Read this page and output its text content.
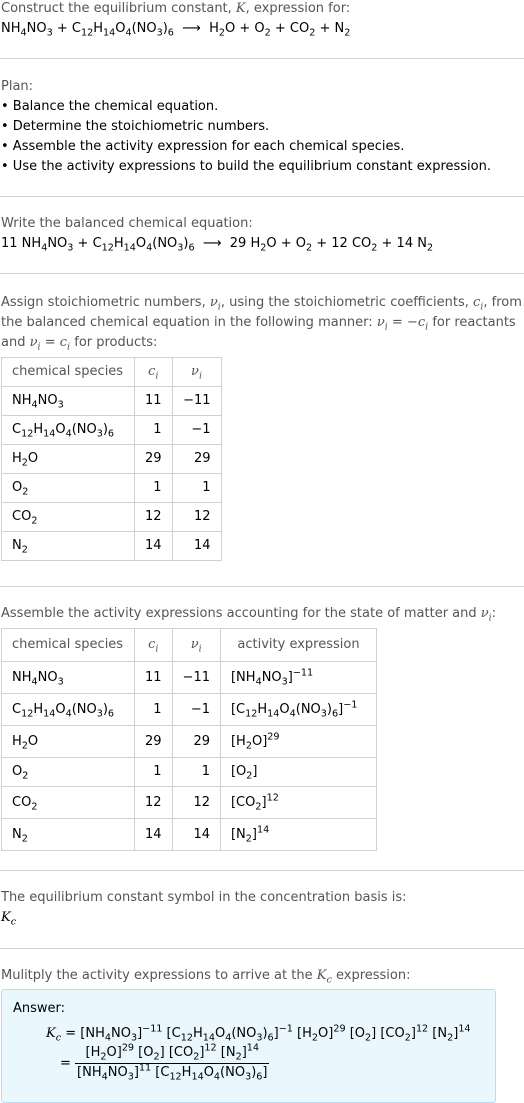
Construct the equilibrium constant, K, expression for:
$NH_4NO_3 + C_{12}H_{14}O_4(NO_3)_6$  ⟶  $H_2O + O_2 + CO_2 + N_2$
Plan:
• Balance the chemical equation.
• Determine the stoichiometric numbers.
• Assemble the activity expression for each chemical species.
• Use the activity expressions to build the equilibrium constant expression.
Write the balanced chemical equation:
11 $NH_4NO_3 + C_{12}H_{14}O_4(NO_3)_6$  ⟶  29 $H_2O + O_2 + 12$ $CO_2 + 14$ $N_2$
Assign stoichiometric numbers, $\nu_i$, using the stoichiometric coefficients, $c_i$, from
the balanced chemical equation in the following manner: $\nu_i = -c_i$ for reactants
and $\nu_i = c_i$ for products:
chemical species	$c_i$	$\nu_i$
$NH_4NO_3$	11	−11
$C_{12}H_{14}O_4(NO_3)_6$	1	−1
$H_2O$	29	29
$O_2$	1	1
$CO_2$	12	12
$N_2$	14	14
Assemble the activity expressions accounting for the state of matter and $\nu_i$:
chemical species	$c_i$	$\nu_i$	activity expression
$NH_4NO_3$	11	−11	$[NH_4NO_3]^{-11}$
$C_{12}H_{14}O_4(NO_3)_6$	1	−1	$[C_{12}H_{14}O_4(NO_3)_6]^{-1}$
$H_2O$	29	29	$[H_2O]^{29}$
$O_2$	1	1	$[O_2]$
$CO_2$	12	12	$[CO_2]^{12}$
$N_2$	14	14	$[N_2]^{14}$
The equilibrium constant symbol in the concentration basis is:
$K_c$
Mulitply the activity expressions to arrive at the $K_c$ expression:
Answer:
$K_c = [NH_4NO_3]^{-11}$ $[C_{12}H_{14}O_4(NO_3)_6]^{-1}$ $[H_2O]^{29}$ $[O_2]$ $[CO_2]^{12}$ $[N_2]^{14}$
= $\frac{[H_2O]^{29} [O_2] [CO_2]^{12} [N_2]^{14}}{[NH_4NO_3]^{11} [C_{12}H_{14}O_4(NO_3)_6]}$
